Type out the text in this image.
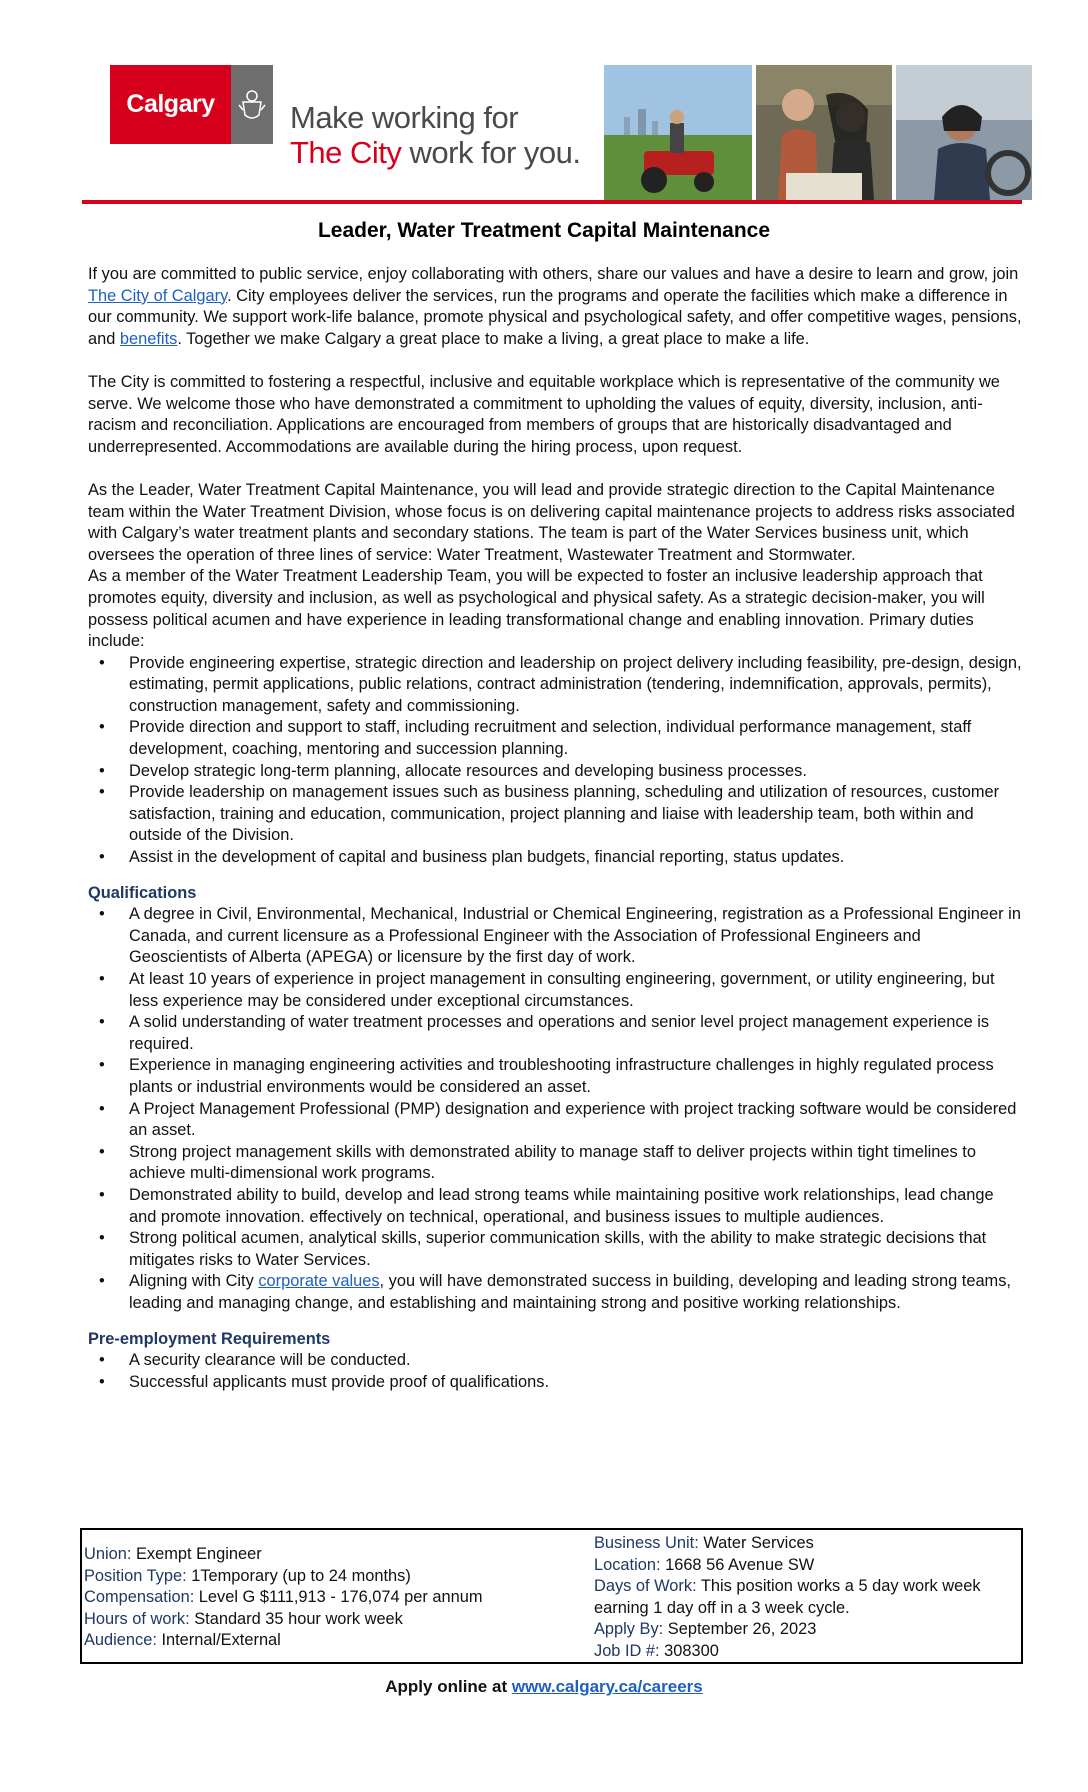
Calgary Make working for
The City work for you.
Leader, Water Treatment Capital Maintenance

If you are committed to public service, enjoy collaborating with others, share our values and have a desire to learn and grow, join The City of Calgary. City employees deliver the services, run the programs and operate the facilities which make a difference in our community. We support work-life balance, promote physical and psychological safety, and offer competitive wages, pensions, and benefits. Together we make Calgary a great place to make a living, a great place to make a life.

The City is committed to fostering a respectful, inclusive and equitable workplace which is representative of the community we serve. We welcome those who have demonstrated a commitment to upholding the values of equity, diversity, inclusion, anti-racism and reconciliation. Applications are encouraged from members of groups that are historically disadvantaged and underrepresented. Accommodations are available during the hiring process, upon request.

As the Leader, Water Treatment Capital Maintenance, you will lead and provide strategic direction to the Capital Maintenance team within the Water Treatment Division, whose focus is on delivering capital maintenance projects to address risks associated with Calgary’s water treatment plants and secondary stations. The team is part of the Water Services business unit, which oversees the operation of three lines of service: Water Treatment, Wastewater Treatment and Stormwater.

As a member of the Water Treatment Leadership Team, you will be expected to foster an inclusive leadership approach that promotes equity, diversity and inclusion, as well as psychological and physical safety. As a strategic decision-maker, you will possess political acumen and have experience in leading transformational change and enabling innovation. Primary duties include:

• Provide engineering expertise, strategic direction and leadership on project delivery including feasibility, pre-design, design, estimating, permit applications, public relations, contract administration (tendering, indemnification, approvals, permits), construction management, safety and commissioning.
• Provide direction and support to staff, including recruitment and selection, individual performance management, staff development, coaching, mentoring and succession planning.
• Develop strategic long-term planning, allocate resources and developing business processes.
• Provide leadership on management issues such as business planning, scheduling and utilization of resources, customer satisfaction, training and education, communication, project planning and liaise with leadership team, both within and outside of the Division.
• Assist in the development of capital and business plan budgets, financial reporting, status updates.
Qualifications
• A degree in Civil, Environmental, Mechanical, Industrial or Chemical Engineering, registration as a Professional Engineer in Canada, and current licensure as a Professional Engineer with the Association of Professional Engineers and Geoscientists of Alberta (APEGA) or licensure by the first day of work.
• At least 10 years of experience in project management in consulting engineering, government, or utility engineering, but less experience may be considered under exceptional circumstances.
• A solid understanding of water treatment processes and operations and senior level project management experience is required.
• Experience in managing engineering activities and troubleshooting infrastructure challenges in highly regulated process plants or industrial environments would be considered an asset.
• A Project Management Professional (PMP) designation and experience with project tracking software would be considered an asset.
• Strong project management skills with demonstrated ability to manage staff to deliver projects within tight timelines to achieve multi-dimensional work programs.
• Demonstrated ability to build, develop and lead strong teams while maintaining positive work relationships, lead change and promote innovation. effectively on technical, operational, and business issues to multiple audiences.
• Strong political acumen, analytical skills, superior communication skills, with the ability to make strategic decisions that mitigates risks to Water Services.
• Aligning with City corporate values, you will have demonstrated success in building, developing and leading strong teams, leading and managing change, and establishing and maintaining strong and positive working relationships.
Pre-employment Requirements
• A security clearance will be conducted.
• Successful applicants must provide proof of qualifications.
Union: Exempt Engineer
Position Type: 1Temporary (up to 24 months)
Compensation: Level G $111,913 - 176,074 per annum
Hours of work: Standard 35 hour work week
Audience: Internal/External
Business Unit: Water Services
Location: 1668 56 Avenue SW
Days of Work: This position works a 5 day work week earning 1 day off in a 3 week cycle.
Apply By: September 26, 2023
Job ID #: 308300
Apply online at www.calgary.ca/careers
